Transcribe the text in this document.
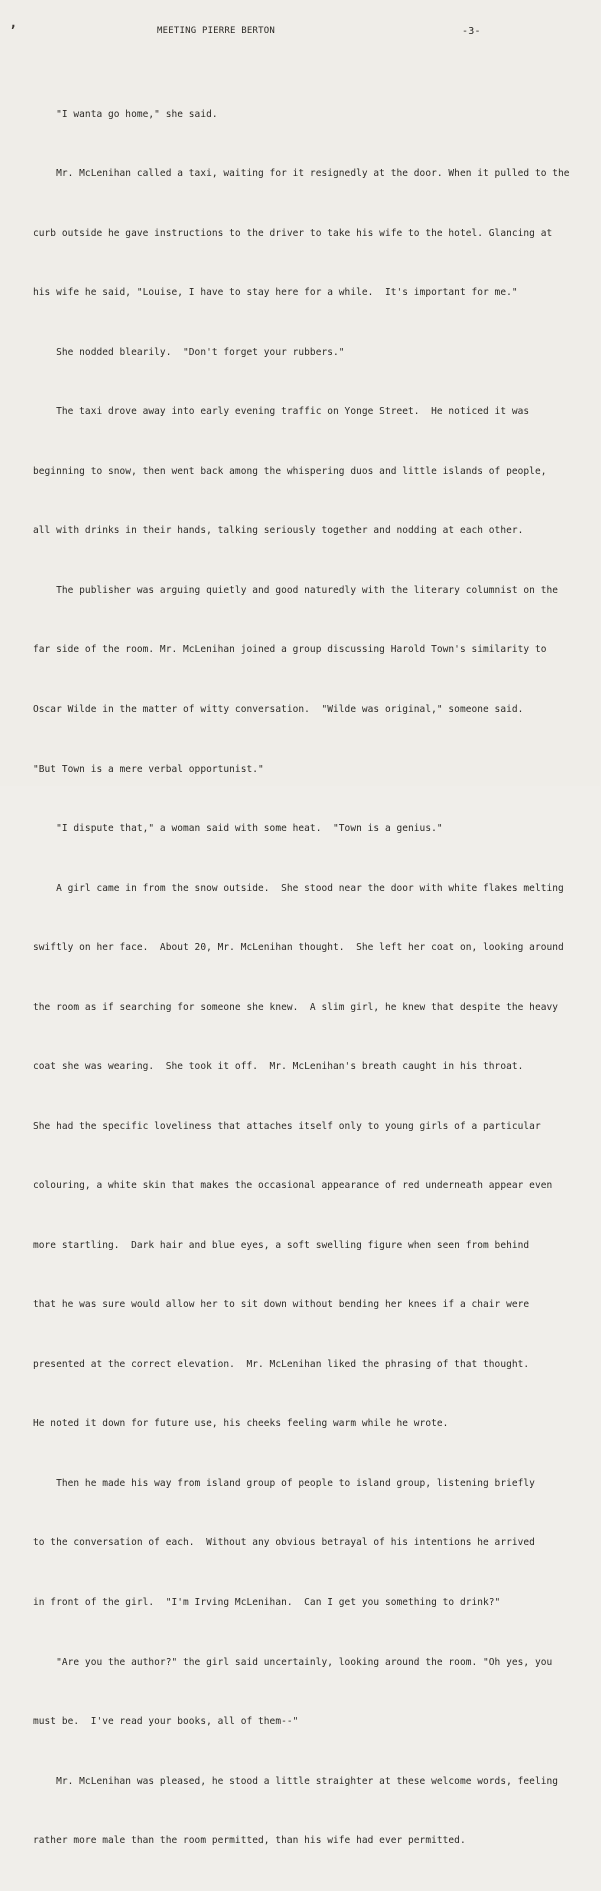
ʼ	MEETING PIERRE BERTON	-3-

"I wanta go home," she said.

Mr. McLenihan called a taxi, waiting for it resignedly at the door. When it pulled to the

curb outside he gave instructions to the driver to take his wife to the hotel. Glancing at

his wife he said, "Louise, I have to stay here for a while.  It's important for me."

She nodded blearily.  "Don't forget your rubbers."

The taxi drove away into early evening traffic on Yonge Street.  He noticed it was

beginning to snow, then went back among the whispering duos and little islands of people,

all with drinks in their hands, talking seriously together and nodding at each other.

The publisher was arguing quietly and good naturedly with the literary columnist on the

far side of the room. Mr. McLenihan joined a group discussing Harold Town's similarity to

Oscar Wilde in the matter of witty conversation.  "Wilde was original," someone said.

"But Town is a mere verbal opportunist."

"I dispute that," a woman said with some heat.  "Town is a genius."

A girl came in from the snow outside.  She stood near the door with white flakes melting

swiftly on her face.  About 20, Mr. McLenihan thought.  She left her coat on, looking around

the room as if searching for someone she knew.  A slim girl, he knew that despite the heavy

coat she was wearing.  She took it off.  Mr. McLenihan's breath caught in his throat.

She had the specific loveliness that attaches itself only to young girls of a particular

colouring, a white skin that makes the occasional appearance of red underneath appear even

more startling.  Dark hair and blue eyes, a soft swelling figure when seen from behind

that he was sure would allow her to sit down without bending her knees if a chair were

presented at the correct elevation.  Mr. McLenihan liked the phrasing of that thought.

He noted it down for future use, his cheeks feeling warm while he wrote.

Then he made his way from island group of people to island group, listening briefly

to the conversation of each.  Without any obvious betrayal of his intentions he arrived

in front of the girl.  "I'm Irving McLenihan.  Can I get you something to drink?"

"Are you the author?" the girl said uncertainly, looking around the room. "Oh yes, you

must be.  I've read your books, all of them--"

Mr. McLenihan was pleased, he stood a little straighter at these welcome words, feeling

rather more male than the room permitted, than his wife had ever permitted.
